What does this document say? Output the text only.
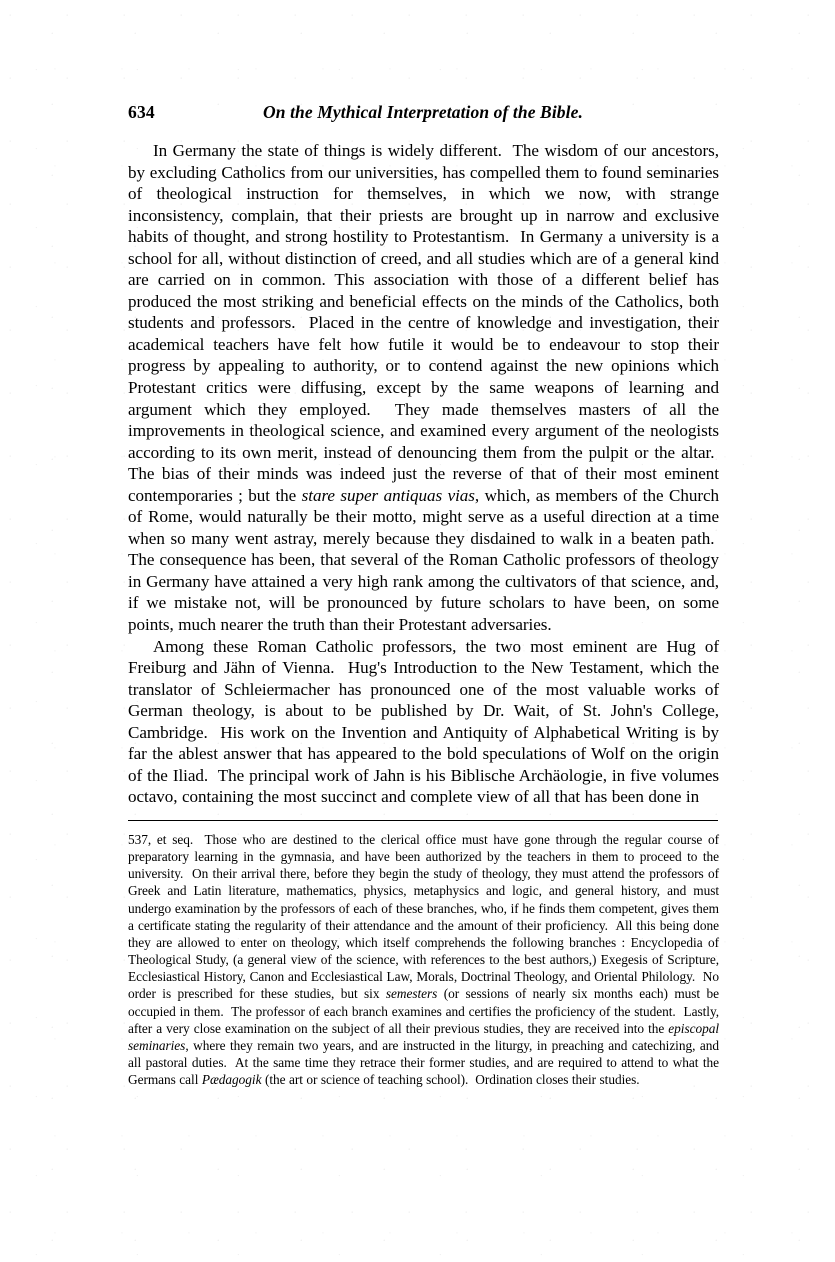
634	On the Mythical Interpretation of the Bible.

In Germany the state of things is widely different.  The wisdom of our ancestors, by excluding Catholics from our universities, has compelled them to found seminaries of theological instruction for themselves, in which we now, with strange inconsistency, complain, that their priests are brought up in narrow and exclusive habits of thought, and strong hostility to Protestantism.  In Germany a university is a school for all, without distinction of creed, and all studies which are of a general kind are carried on in common. This association with those of a different belief has produced the most striking and beneficial effects on the minds of the Catholics, both students and professors.  Placed in the centre of knowledge and investigation, their academical teachers have felt how futile it would be to endeavour to stop their progress by appealing to authority, or to contend against the new opinions which Protestant critics were diffusing, except by the same weapons of learning and argument which they employed.  They made themselves masters of all the improvements in theological science, and examined every argument of the neologists according to its own merit, instead of denouncing them from the pulpit or the altar.  The bias of their minds was indeed just the reverse of that of their most eminent contemporaries ; but the stare super antiquas vias, which, as members of the Church of Rome, would naturally be their motto, might serve as a useful direction at a time when so many went astray, merely because they disdained to walk in a beaten path.  The consequence has been, that several of the Roman Catholic professors of theology in Germany have attained a very high rank among the cultivators of that science, and, if we mistake not, will be pronounced by future scholars to have been, on some points, much nearer the truth than their Protestant adversaries.

Among these Roman Catholic professors, the two most eminent are Hug of Freiburg and Jähn of Vienna.  Hug's Introduction to the New Testament, which the translator of Schleiermacher has pronounced one of the most valuable works of German theology, is about to be published by Dr. Wait, of St. John's College, Cambridge.  His work on the Invention and Antiquity of Alphabetical Writing is by far the ablest answer that has appeared to the bold speculations of Wolf on the origin of the Iliad.  The principal work of Jahn is his Biblische Archäologie, in five volumes octavo, containing the most succinct and complete view of all that has been done in

537, et seq.  Those who are destined to the clerical office must have gone through the regular course of preparatory learning in the gymnasia, and have been authorized by the teachers in them to proceed to the university.  On their arrival there, before they begin the study of theology, they must attend the professors of Greek and Latin literature, mathematics, physics, metaphysics and logic, and general history, and must undergo examination by the professors of each of these branches, who, if he finds them competent, gives them a certificate stating the regularity of their attendance and the amount of their proficiency.  All this being done they are allowed to enter on theology, which itself comprehends the following branches : Encyclopedia of Theological Study, (a general view of the science, with references to the best authors,) Exegesis of Scripture, Ecclesiastical History, Canon and Ecclesiastical Law, Morals, Doctrinal Theology, and Oriental Philology.  No order is prescribed for these studies, but six semesters (or sessions of nearly six months each) must be occupied in them.  The professor of each branch examines and certifies the proficiency of the student.  Lastly, after a very close examination on the subject of all their previous studies, they are received into the episcopal seminaries, where they remain two years, and are instructed in the liturgy, in preaching and catechizing, and all pastoral duties.  At the same time they retrace their former studies, and are required to attend to what the Germans call Pædagogik (the art or science of teaching school).  Ordination closes their studies.
